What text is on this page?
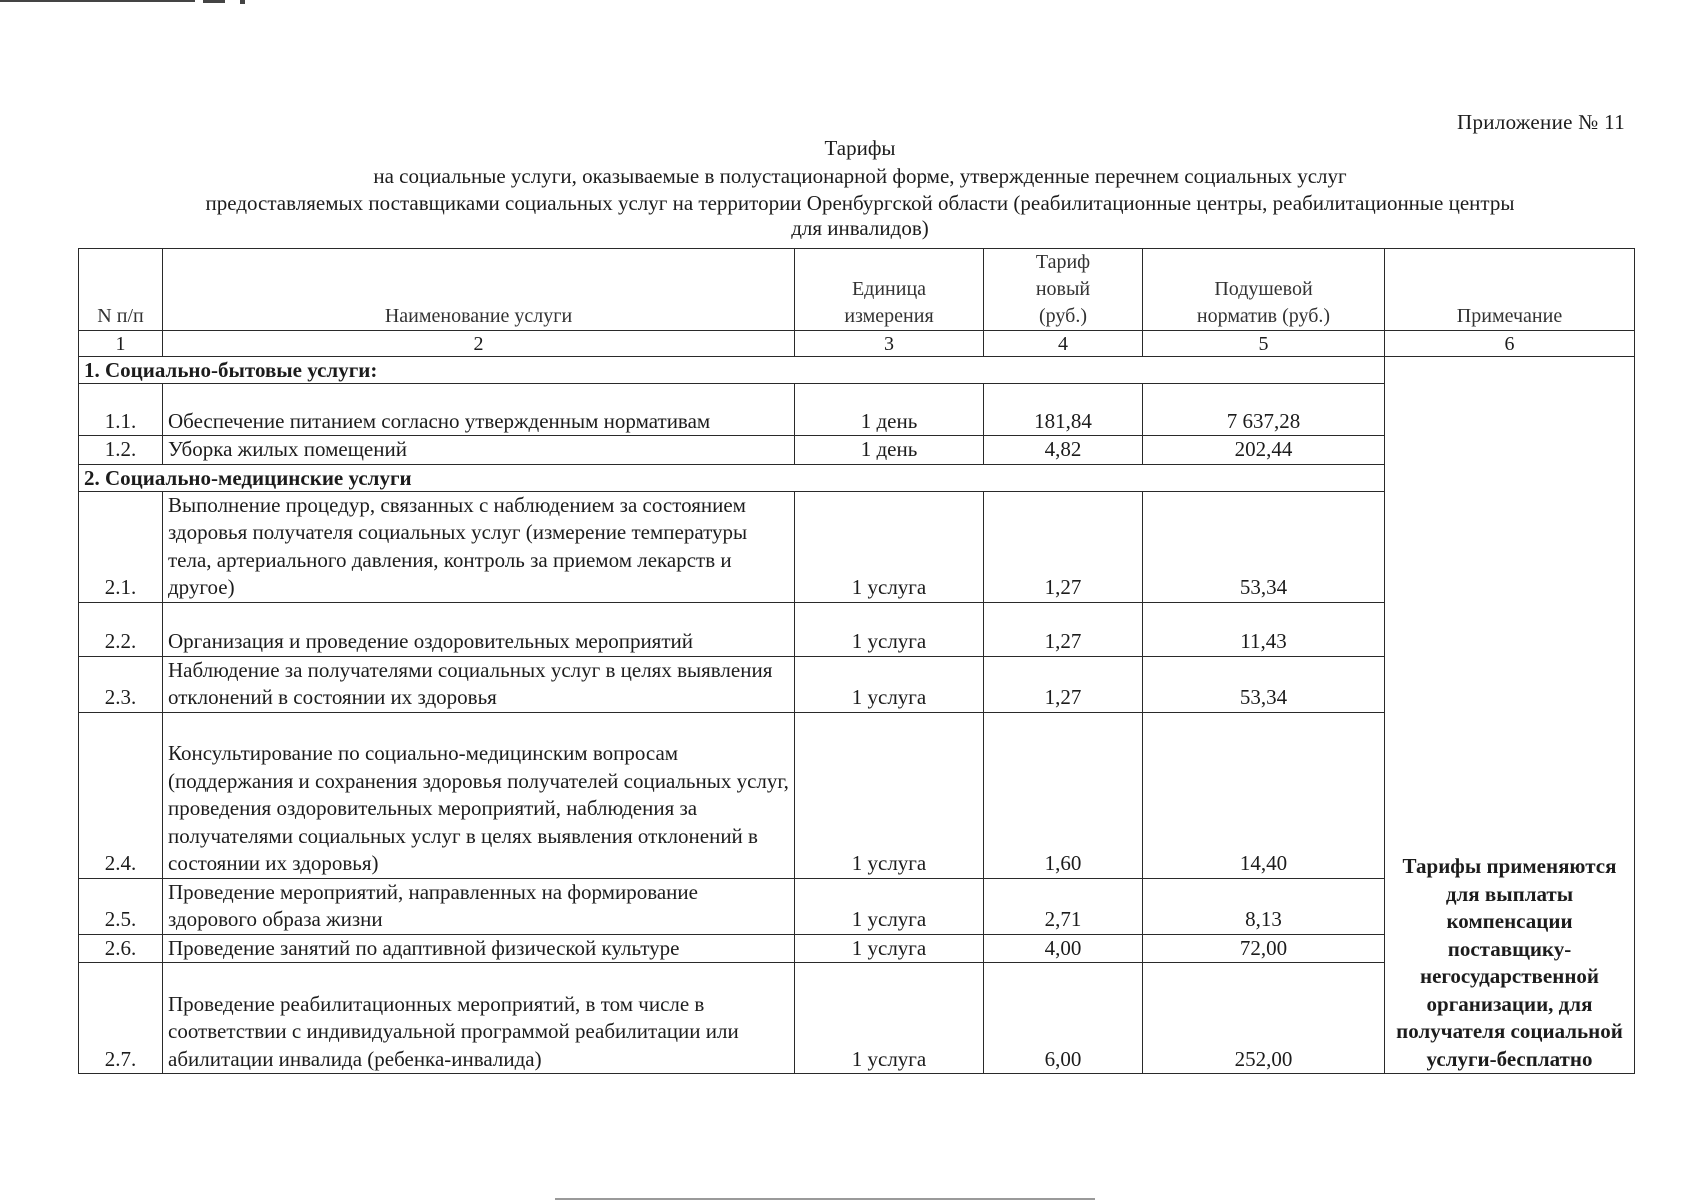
Приложение № 11
Тарифы
на социальные услуги, оказываемые в полустационарной форме, утвержденные перечнем социальных услуг
предоставляемых поставщиками социальных услуг на территории Оренбургской области (реабилитационные центры, реабилитационные центры
для инвалидов)
N п/п	Наименование услуги	Единица измерения	Тариф новый (руб.)	Подушевой норматив (руб.)	Примечание
1	2	3	4	5	6
1. Социально-бытовые услуги:					Тарифы применяются для выплаты компенсации поставщику-негосударственной организации, для получателя социальной услуги-бесплатно
1.1.	Обеспечение питанием согласно утвержденным нормативам	1 день	181,84	7 637,28	
1.2.	Уборка жилых помещений	1 день	4,82	202,44	
2. Социально-медицинские услуги					
2.1.	Выполнение процедур, связанных с наблюдением за состоянием здоровья получателя социальных услуг (измерение температуры тела, артериального давления, контроль за приемом лекарств и другое)	1 услуга	1,27	53,34	
2.2.	Организация и проведение оздоровительных мероприятий	1 услуга	1,27	11,43	
2.3.	Наблюдение за получателями социальных услуг в целях выявления отклонений в состоянии их здоровья	1 услуга	1,27	53,34	
2.4.	Консультирование по социально-медицинским вопросам (поддержания и сохранения здоровья получателей социальных услуг, проведения оздоровительных мероприятий, наблюдения за получателями социальных услуг в целях выявления отклонений в состоянии их здоровья)	1 услуга	1,60	14,40	
2.5.	Проведение мероприятий, направленных на формирование здорового образа жизни	1 услуга	2,71	8,13	
2.6.	Проведение занятий по адаптивной физической культуре	1 услуга	4,00	72,00	
2.7.	Проведение реабилитационных мероприятий, в том числе в соответствии с индивидуальной программой реабилитации или абилитации инвалида (ребенка-инвалида)	1 услуга	6,00	252,00	
